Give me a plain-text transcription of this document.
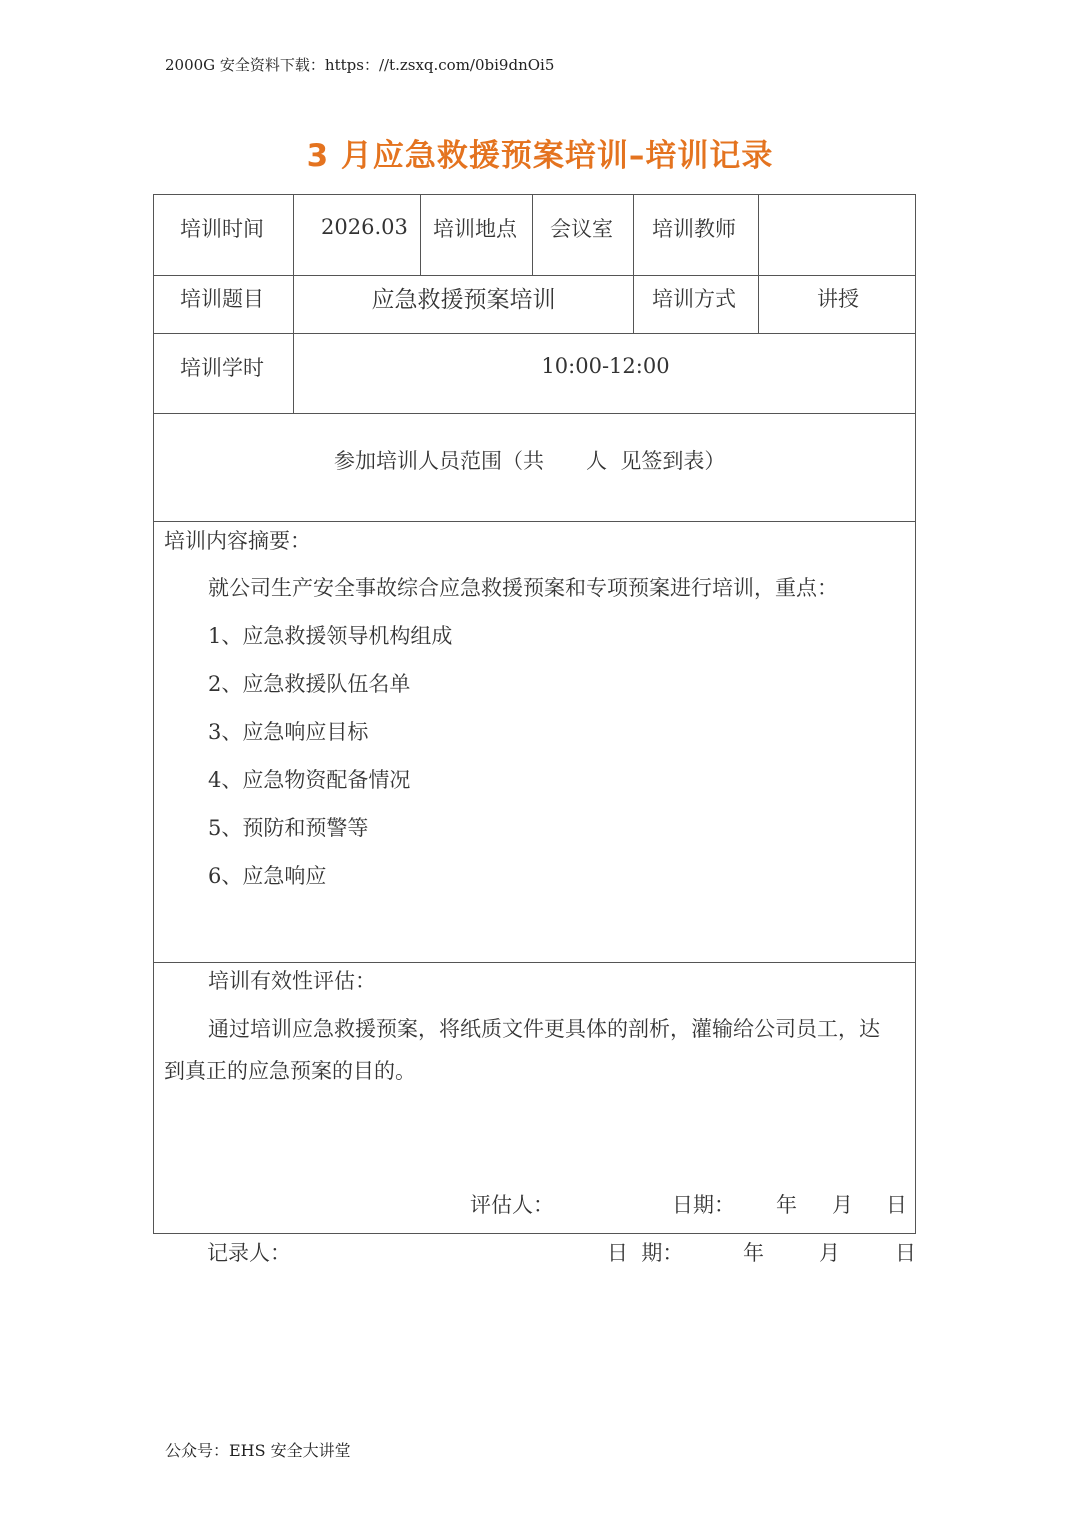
2000G 安全资料下载：https：//t.zsxq.com/0bi9dnOi5
3 月应急救援预案培训–培训记录
培训时间	2026.03 培训地点 会议室 培训教师
培训题目	应急救援预案培训	培训方式	讲授
培训学时	10:00-12:00
参加培训人员范围（共　　人  见签到表）
培训内容摘要：
就公司生产安全事故综合应急救援预案和专项预案进行培训，重点：
1、应急救援领导机构组成
2、应急救援队伍名单
3、应急响应目标
4、应急物资配备情况
5、预防和预警等
6、应急响应
培训有效性评估：
通过培训应急救援预案，将纸质文件更具体的剖析，灌输给公司员工，达
到真正的应急预案的目的。
评估人：	日期： 年 月 日
记录人：	日  期：	年	月	日
公众号：EHS 安全大讲堂
